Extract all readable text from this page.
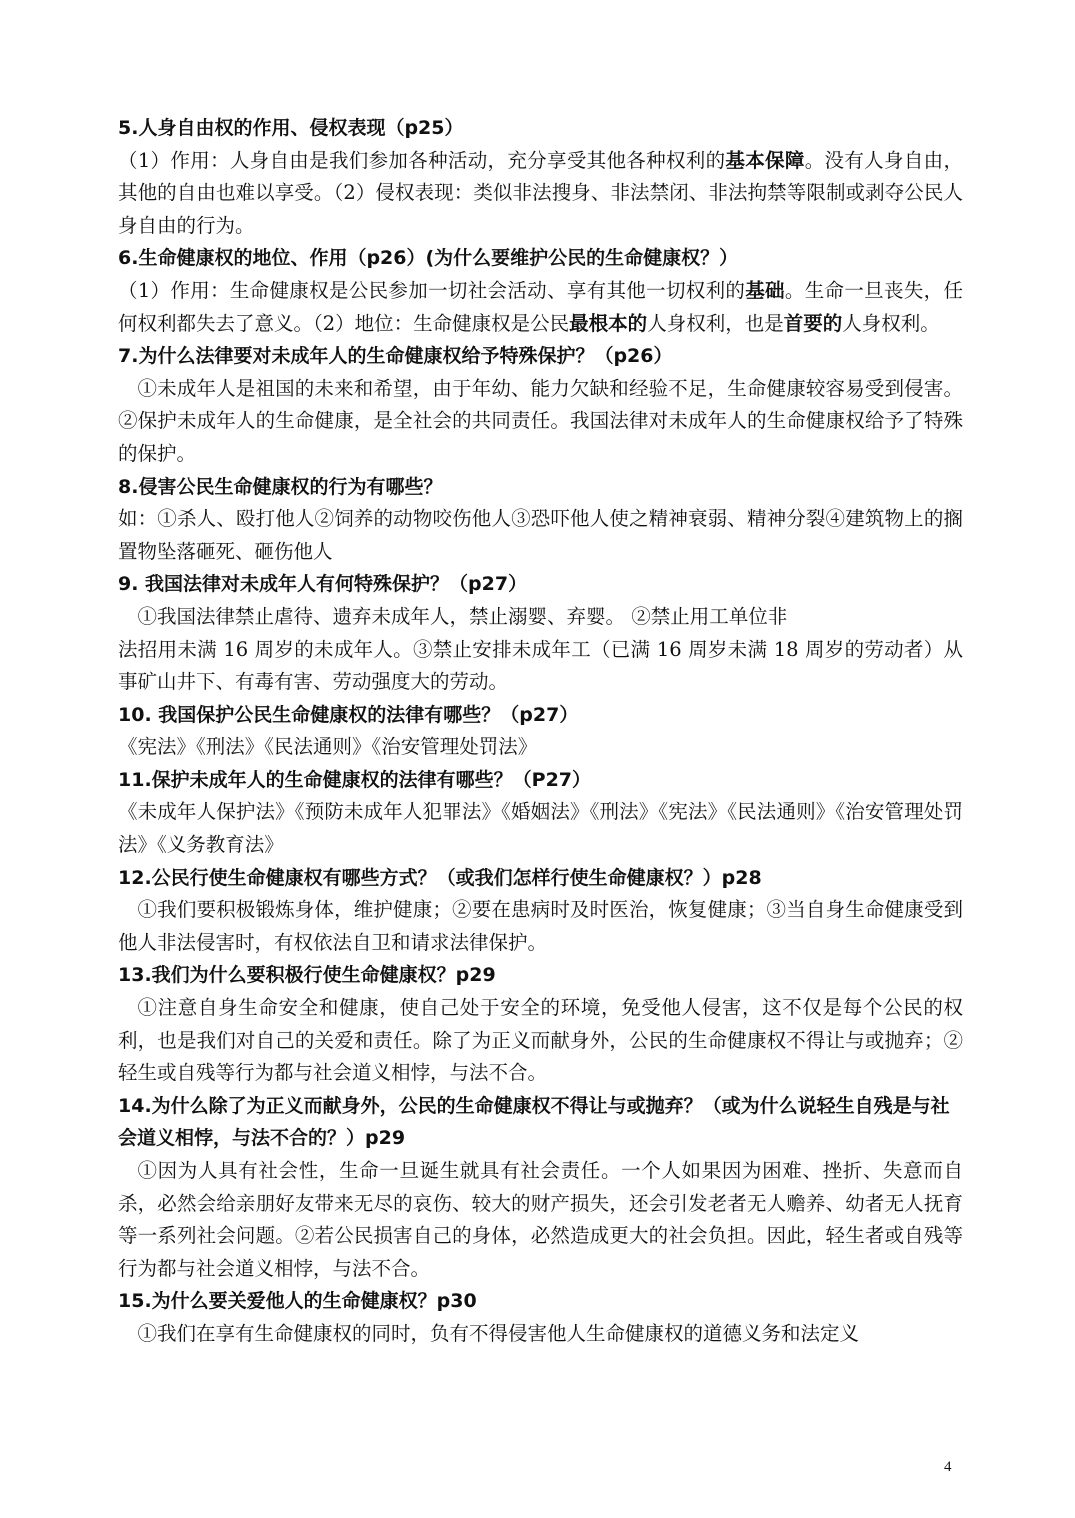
5.人身自由权的作用、侵权表现（p25）

（1）作用：人身自由是我们参加各种活动，充分享受其他各种权利的基本保障。没有人身自由，其他的自由也难以享受。（2）侵权表现：类似非法搜身、非法禁闭、非法拘禁等限制或剥夺公民人身自由的行为。

6.生命健康权的地位、作用（p26）(为什么要维护公民的生命健康权？）

（1）作用：生命健康权是公民参加一切社会活动、享有其他一切权利的基础。生命一旦丧失，任何权利都失去了意义。（2）地位：生命健康权是公民最根本的人身权利，也是首要的人身权利。

7.为什么法律要对未成年人的生命健康权给予特殊保护？（p26）

①未成年人是祖国的未来和希望，由于年幼、能力欠缺和经验不足，生命健康较容易受到侵害。②保护未成年人的生命健康，是全社会的共同责任。我国法律对未成年人的生命健康权给予了特殊的保护。

8.侵害公民生命健康权的行为有哪些？

如：①杀人、殴打他人②饲养的动物咬伤他人③恐吓他人使之精神衰弱、精神分裂④建筑物上的搁置物坠落砸死、砸伤他人

9. 我国法律对未成年人有何特殊保护？（p27）

①我国法律禁止虐待、遗弃未成年人，禁止溺婴、弃婴。 ②禁止用工单位非
法招用未满 16 周岁的未成年人。③禁止安排未成年工（已满 16 周岁未满 18 周岁的劳动者）从事矿山井下、有毒有害、劳动强度大的劳动。

10. 我国保护公民生命健康权的法律有哪些？（p27）

《宪法》《刑法》《民法通则》《治安管理处罚法》

11.保护未成年人的生命健康权的法律有哪些？（P27）

《未成年人保护法》《预防未成年人犯罪法》《婚姻法》《刑法》《宪法》《民法通则》《治安管理处罚法》《义务教育法》

12.公民行使生命健康权有哪些方式？（或我们怎样行使生命健康权？）p28

①我们要积极锻炼身体，维护健康；②要在患病时及时医治，恢复健康；③当自身生命健康受到他人非法侵害时，有权依法自卫和请求法律保护。

13.我们为什么要积极行使生命健康权？p29

①注意自身生命安全和健康，使自己处于安全的环境，免受他人侵害，这不仅是每个公民的权利，也是我们对自己的关爱和责任。除了为正义而献身外，公民的生命健康权不得让与或抛弃；②轻生或自残等行为都与社会道义相悖，与法不合。

14.为什么除了为正义而献身外，公民的生命健康权不得让与或抛弃？（或为什么说轻生自残是与社会道义相悖，与法不合的？）p29

①因为人具有社会性，生命一旦诞生就具有社会责任。一个人如果因为困难、挫折、失意而自杀，必然会给亲朋好友带来无尽的哀伤、较大的财产损失，还会引发老者无人赡养、幼者无人抚育等一系列社会问题。②若公民损害自己的身体，必然造成更大的社会负担。因此，轻生者或自残等行为都与社会道义相悖，与法不合。

15.为什么要关爱他人的生命健康权？p30

①我们在享有生命健康权的同时，负有不得侵害他人生命健康权的道德义务和法定义

4
